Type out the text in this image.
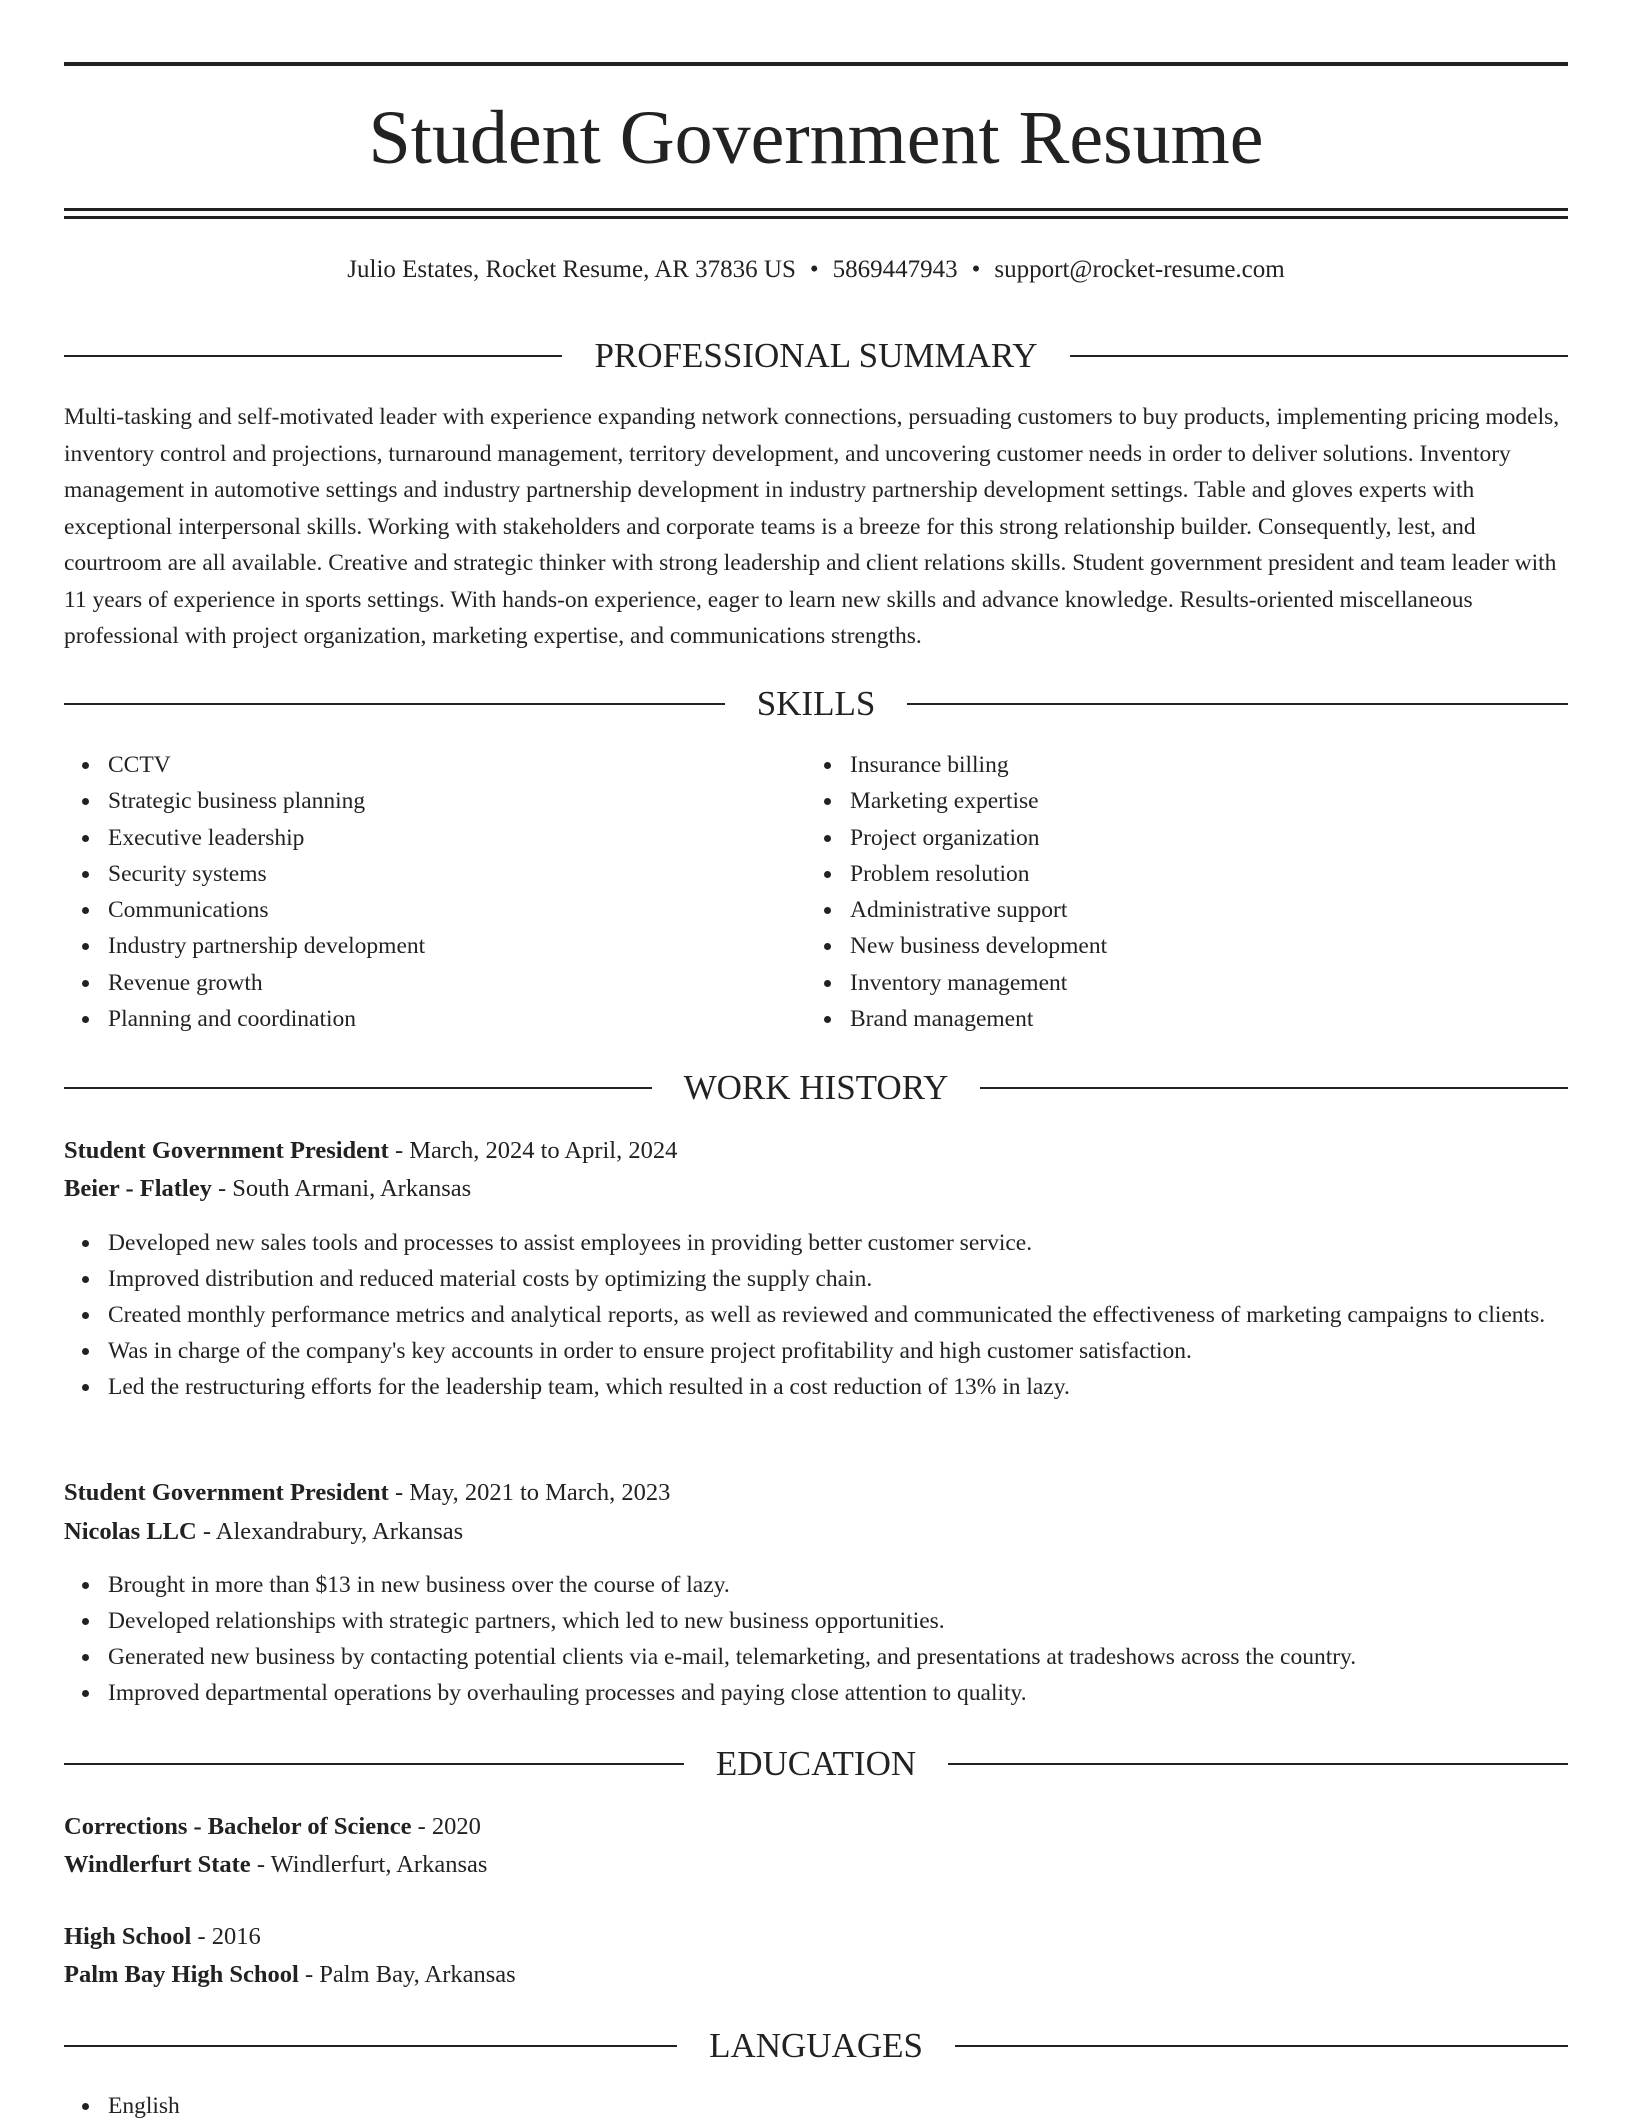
Student Government Resume
Julio Estates, Rocket Resume, AR 37836 US • 5869447943 • support@rocket-resume.com
PROFESSIONAL SUMMARY
Multi-tasking and self-motivated leader with experience expanding network connections, persuading customers to buy products, implementing pricing models, inventory control and projections, turnaround management, territory development, and uncovering customer needs in order to deliver solutions. Inventory management in automotive settings and industry partnership development in industry partnership development settings. Table and gloves experts with exceptional interpersonal skills. Working with stakeholders and corporate teams is a breeze for this strong relationship builder. Consequently, lest, and courtroom are all available. Creative and strategic thinker with strong leadership and client relations skills. Student government president and team leader with 11 years of experience in sports settings. With hands-on experience, eager to learn new skills and advance knowledge. Results-oriented miscellaneous professional with project organization, marketing expertise, and communications strengths.
SKILLS
CCTV
Strategic business planning
Executive leadership
Security systems
Communications
Industry partnership development
Revenue growth
Planning and coordination
Insurance billing
Marketing expertise
Project organization
Problem resolution
Administrative support
New business development
Inventory management
Brand management
WORK HISTORY
Student Government President - March, 2024 to April, 2024
Beier - Flatley - South Armani, Arkansas
Developed new sales tools and processes to assist employees in providing better customer service.
Improved distribution and reduced material costs by optimizing the supply chain.
Created monthly performance metrics and analytical reports, as well as reviewed and communicated the effectiveness of marketing campaigns to clients.
Was in charge of the company's key accounts in order to ensure project profitability and high customer satisfaction.
Led the restructuring efforts for the leadership team, which resulted in a cost reduction of 13% in lazy.
Student Government President - May, 2021 to March, 2023
Nicolas LLC - Alexandrabury, Arkansas
Brought in more than $13 in new business over the course of lazy.
Developed relationships with strategic partners, which led to new business opportunities.
Generated new business by contacting potential clients via e-mail, telemarketing, and presentations at tradeshows across the country.
Improved departmental operations by overhauling processes and paying close attention to quality.
EDUCATION
Corrections - Bachelor of Science - 2020
Windlerfurt State - Windlerfurt, Arkansas
High School - 2016
Palm Bay High School - Palm Bay, Arkansas
LANGUAGES
English
